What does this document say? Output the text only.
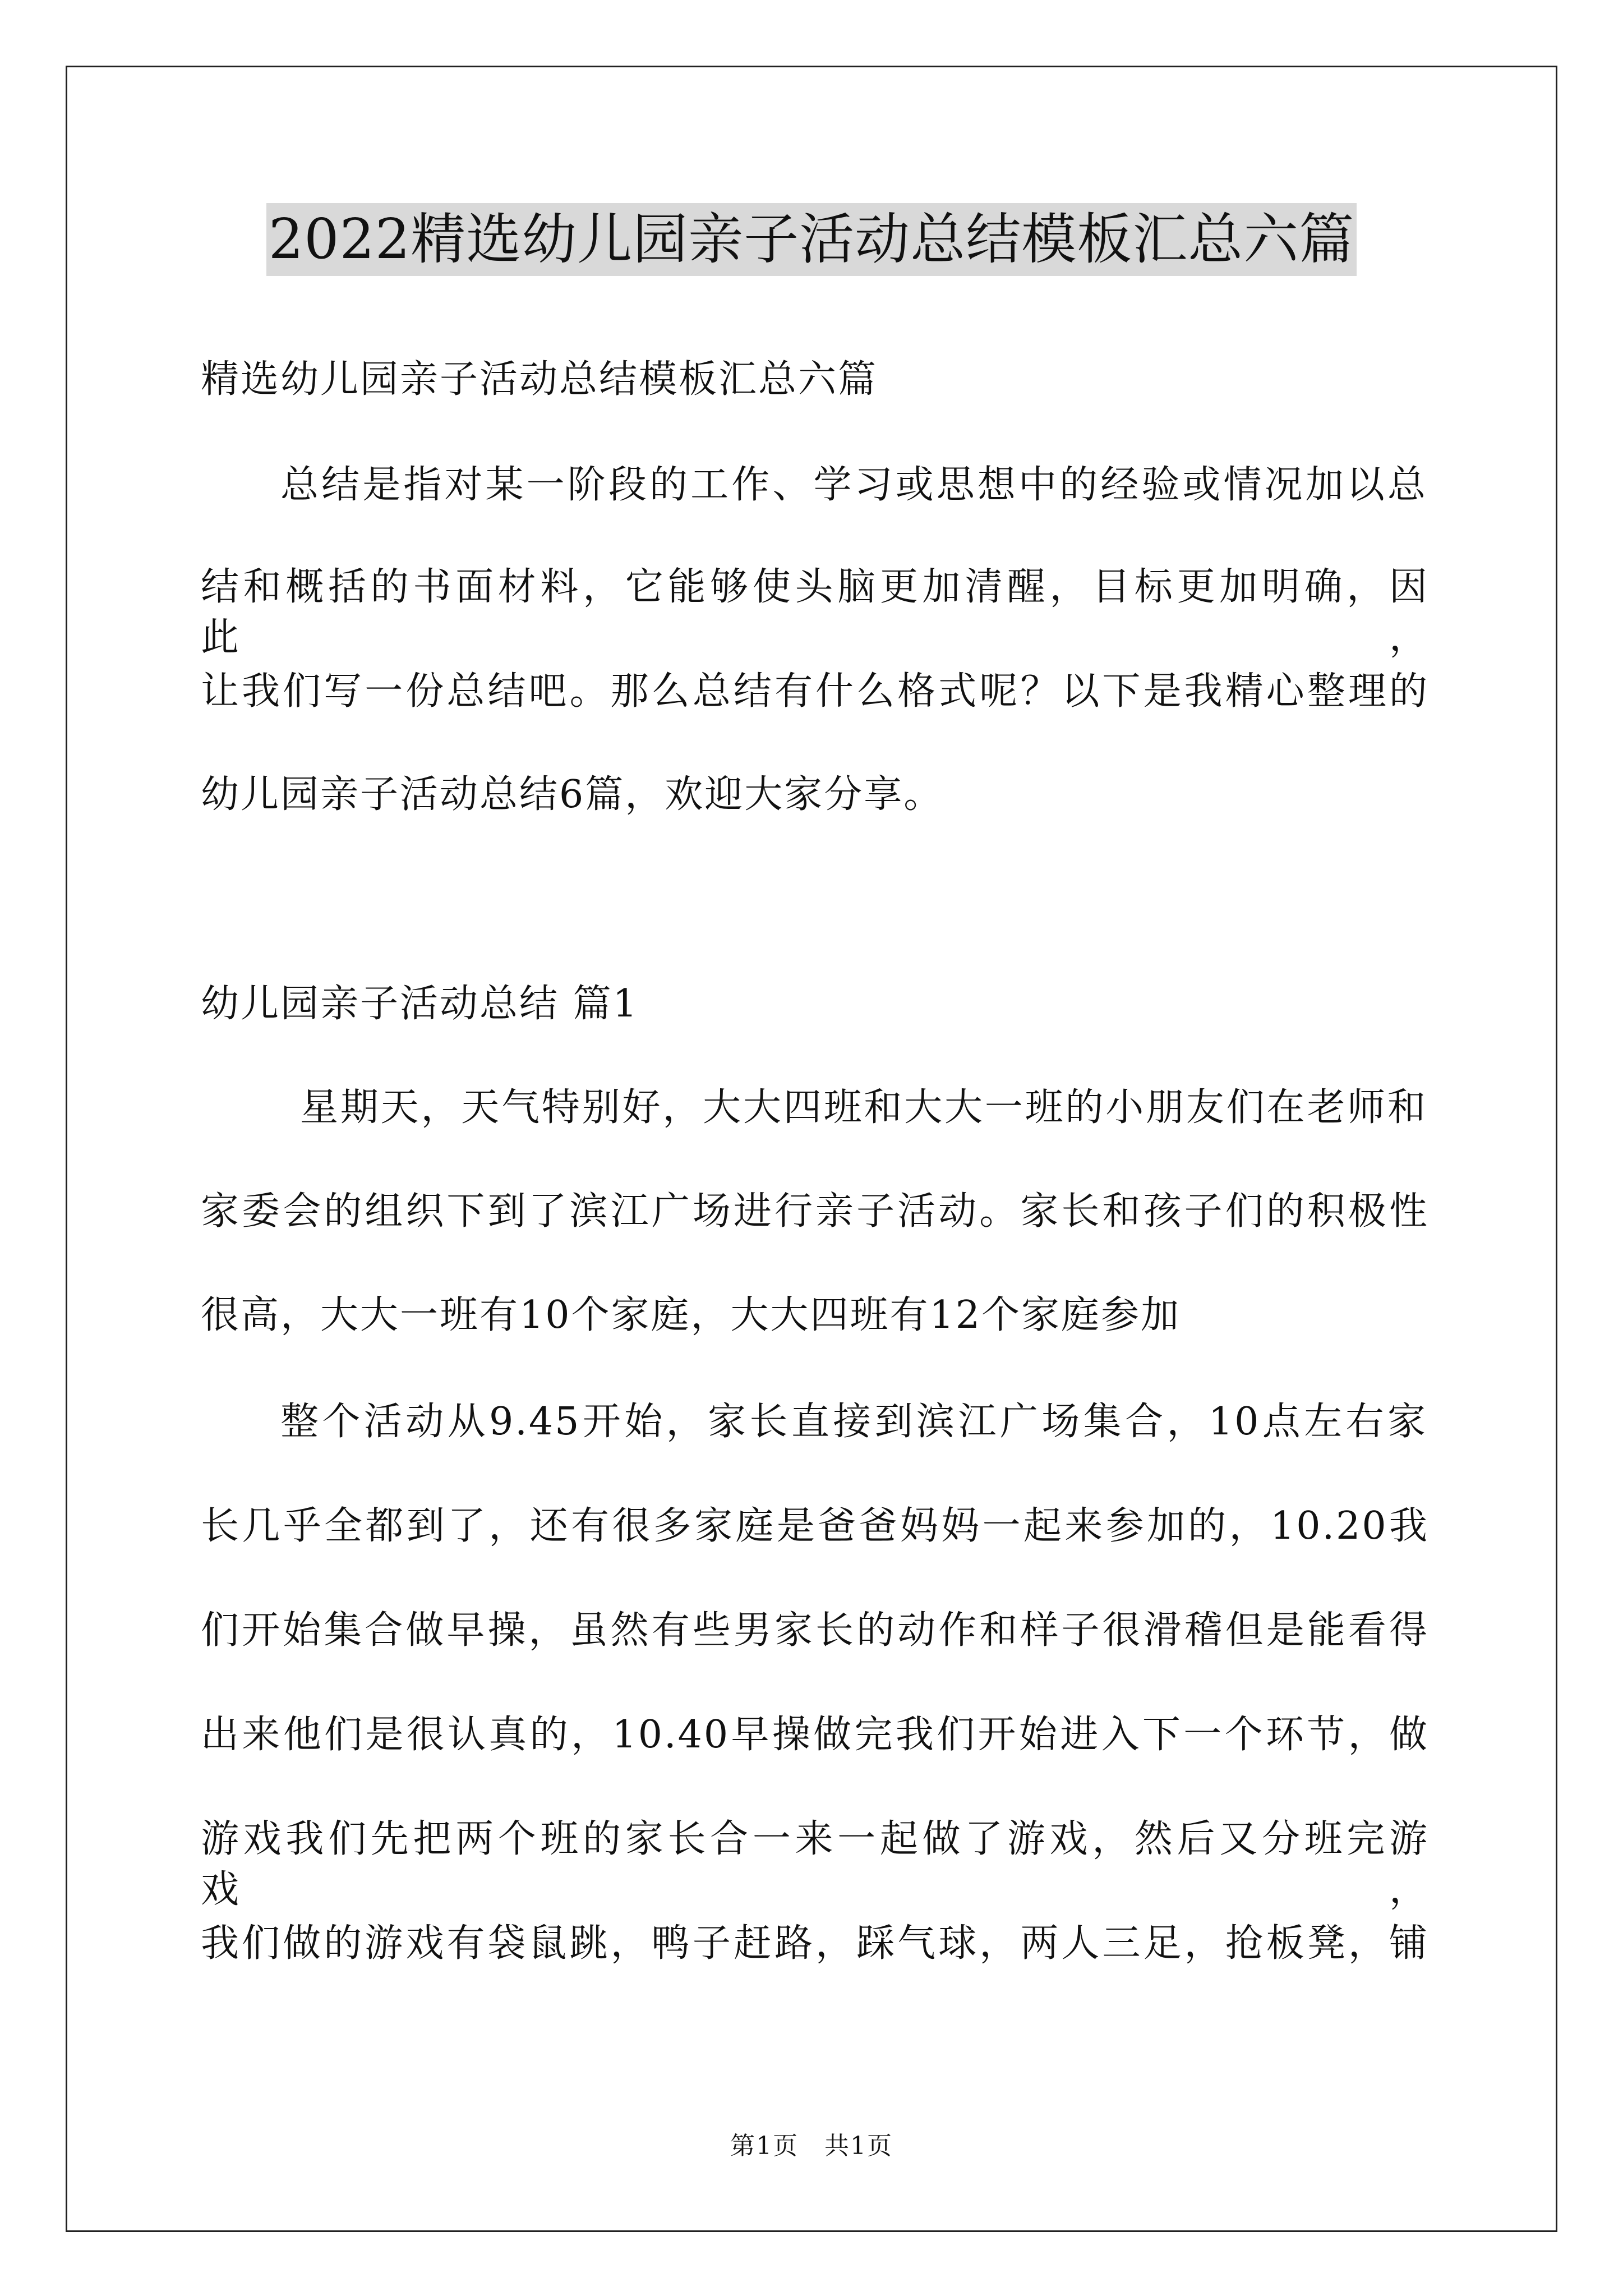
2022精选幼儿园亲子活动总结模板汇总六篇
精选幼儿园亲子活动总结模板汇总六篇
总结是指对某一阶段的工作、学习或思想中的经验或情况加以总
结和概括的书面材料，它能够使头脑更加清醒，目标更加明确，因此，
让我们写一份总结吧。那么总结有什么格式呢？以下是我精心整理的
幼儿园亲子活动总结6篇，欢迎大家分享。
幼儿园亲子活动总结 篇1
星期天，天气特别好，大大四班和大大一班的小朋友们在老师和
家委会的组织下到了滨江广场进行亲子活动。家长和孩子们的积极性
很高，大大一班有10个家庭，大大四班有12个家庭参加
整个活动从9.45开始，家长直接到滨江广场集合，10点左右家
长几乎全都到了，还有很多家庭是爸爸妈妈一起来参加的，10.20我
们开始集合做早操，虽然有些男家长的动作和样子很滑稽但是能看得
出来他们是很认真的，10.40早操做完我们开始进入下一个环节，做
游戏我们先把两个班的家长合一来一起做了游戏，然后又分班完游戏，
我们做的游戏有袋鼠跳，鸭子赶路，踩气球，两人三足，抢板凳，铺
第1页　共1页
